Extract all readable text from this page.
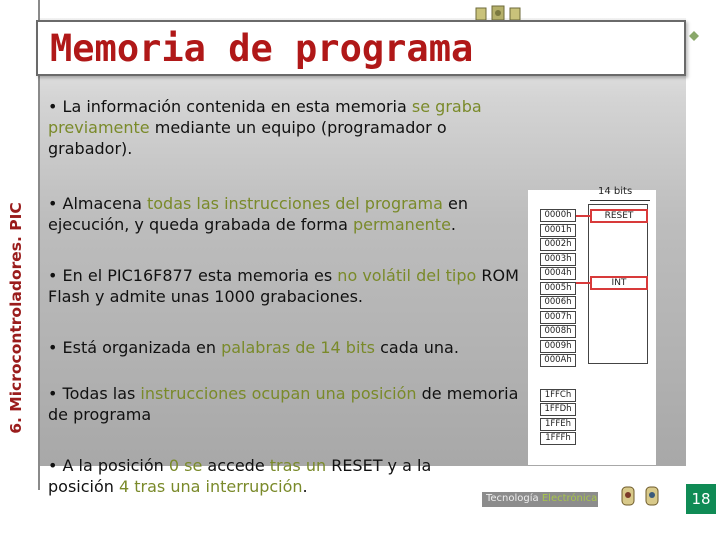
6. Microcontroladores. PIC
Memoria de programa
• La información contenida en esta memoria se graba previamente mediante un equipo (programador o grabador).
• Almacena todas las instrucciones del programa en ejecución, y queda grabada de forma permanente.
• En el PIC16F877 esta memoria es no volátil del tipo ROM Flash y admite unas 1000 grabaciones.
• Está organizada en palabras de 14 bits cada una.
• Todas las instrucciones ocupan una posición de memoria de programa
• A la posición 0 se accede tras un RESET y a la posición 4 tras una interrupción.
14 bits
0000h
0001h
0002h
0003h
0004h
0005h
0006h
0007h
0008h
0009h
000Ah
1FFCh
1FFDh
1FFEh
1FFFh
RESET
INT
Tecnología Electrónica	18
